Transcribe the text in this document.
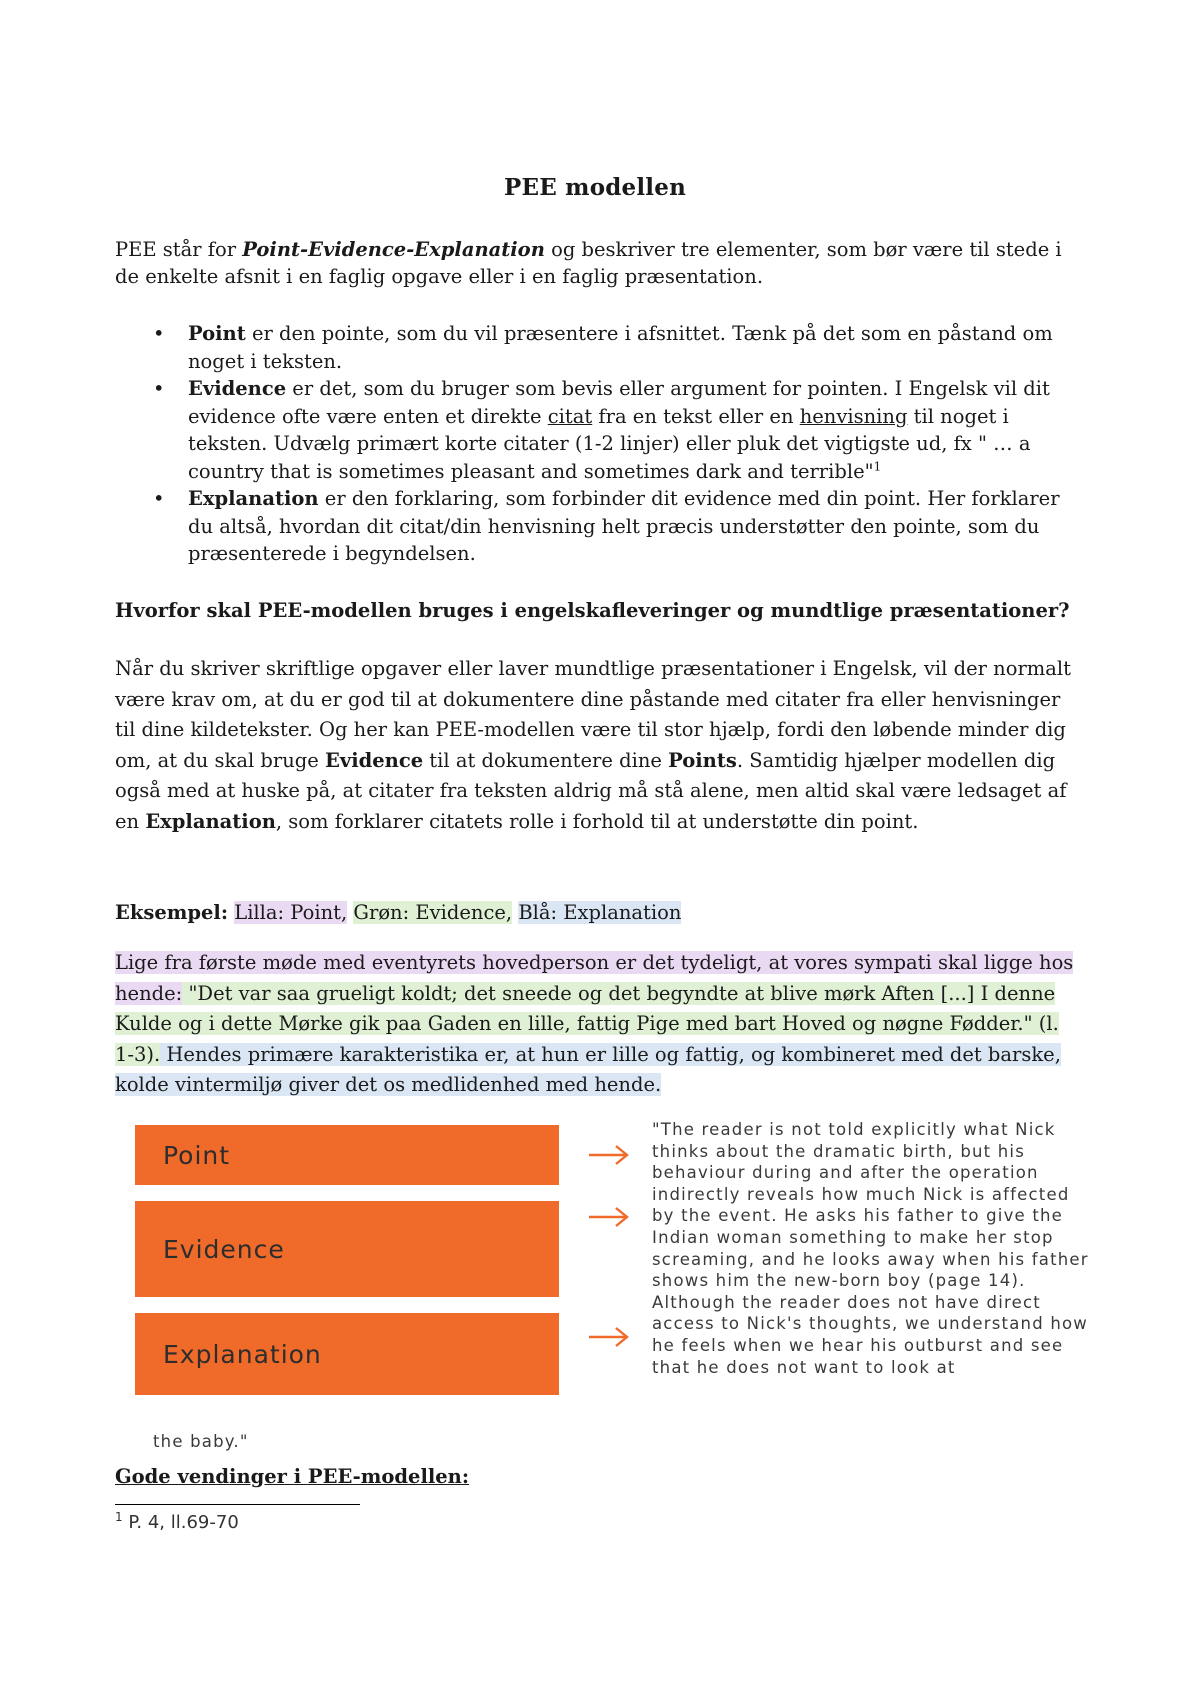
PEE modellen
PEE står for Point-Evidence-Explanation og beskriver tre elementer, som bør være til stede i de enkelte afsnit i en faglig opgave eller i en faglig præsentation.
• Point er den pointe, som du vil præsentere i afsnittet. Tænk på det som en påstand om noget i teksten.
• Evidence er det, som du bruger som bevis eller argument for pointen. I Engelsk vil dit evidence ofte være enten et direkte citat fra en tekst eller en henvisning til noget i teksten. Udvælg primært korte citater (1-2 linjer) eller pluk det vigtigste ud, fx " … a country that is sometimes pleasant and sometimes dark and terrible"$^1$
• Explanation er den forklaring, som forbinder dit evidence med din point. Her forklarer du altså, hvordan dit citat/din henvisning helt præcis understøtter den pointe, som du præsenterede i begyndelsen.
Hvorfor skal PEE-modellen bruges i engelskafleveringer og mundtlige præsentationer?
Når du skriver skriftlige opgaver eller laver mundtlige præsentationer i Engelsk, vil der normalt være krav om, at du er god til at dokumentere dine påstande med citater fra eller henvisninger til dine kildetekster. Og her kan PEE-modellen være til stor hjælp, fordi den løbende minder dig om, at du skal bruge Evidence til at dokumentere dine Points. Samtidig hjælper modellen dig også med at huske på, at citater fra teksten aldrig må stå alene, men altid skal være ledsaget af en Explanation, som forklarer citatets rolle i forhold til at understøtte din point.
Eksempel: Lilla: Point, Grøn: Evidence, Blå: Explanation
Lige fra første møde med eventyrets hovedperson er det tydeligt, at vores sympati skal ligge hos hende: "Det var saa grueligt koldt; det sneede og det begyndte at blive mørk Aften [...] I denne Kulde og i dette Mørke gik paa Gaden en lille, fattig Pige med bart Hoved og nøgne Fødder." (l. 1-3). Hendes primære karakteristika er, at hun er lille og fattig, og kombineret med det barske, kolde vintermiljø giver det os medlidenhed med hende.
Point
Evidence
Explanation
"The reader is not told explicitly what Nick thinks about the dramatic birth, but his behaviour during and after the operation indirectly reveals how much Nick is affected by the event. He asks his father to give the Indian woman something to make her stop screaming, and he looks away when his father shows him the new-born boy (page 14). Although the reader does not have direct access to Nick's thoughts, we understand how he feels when we hear his outburst and see that he does not want to look at
the baby."
Gode vendinger i PEE-modellen:
$^1$ P. 4, ll.69-70
